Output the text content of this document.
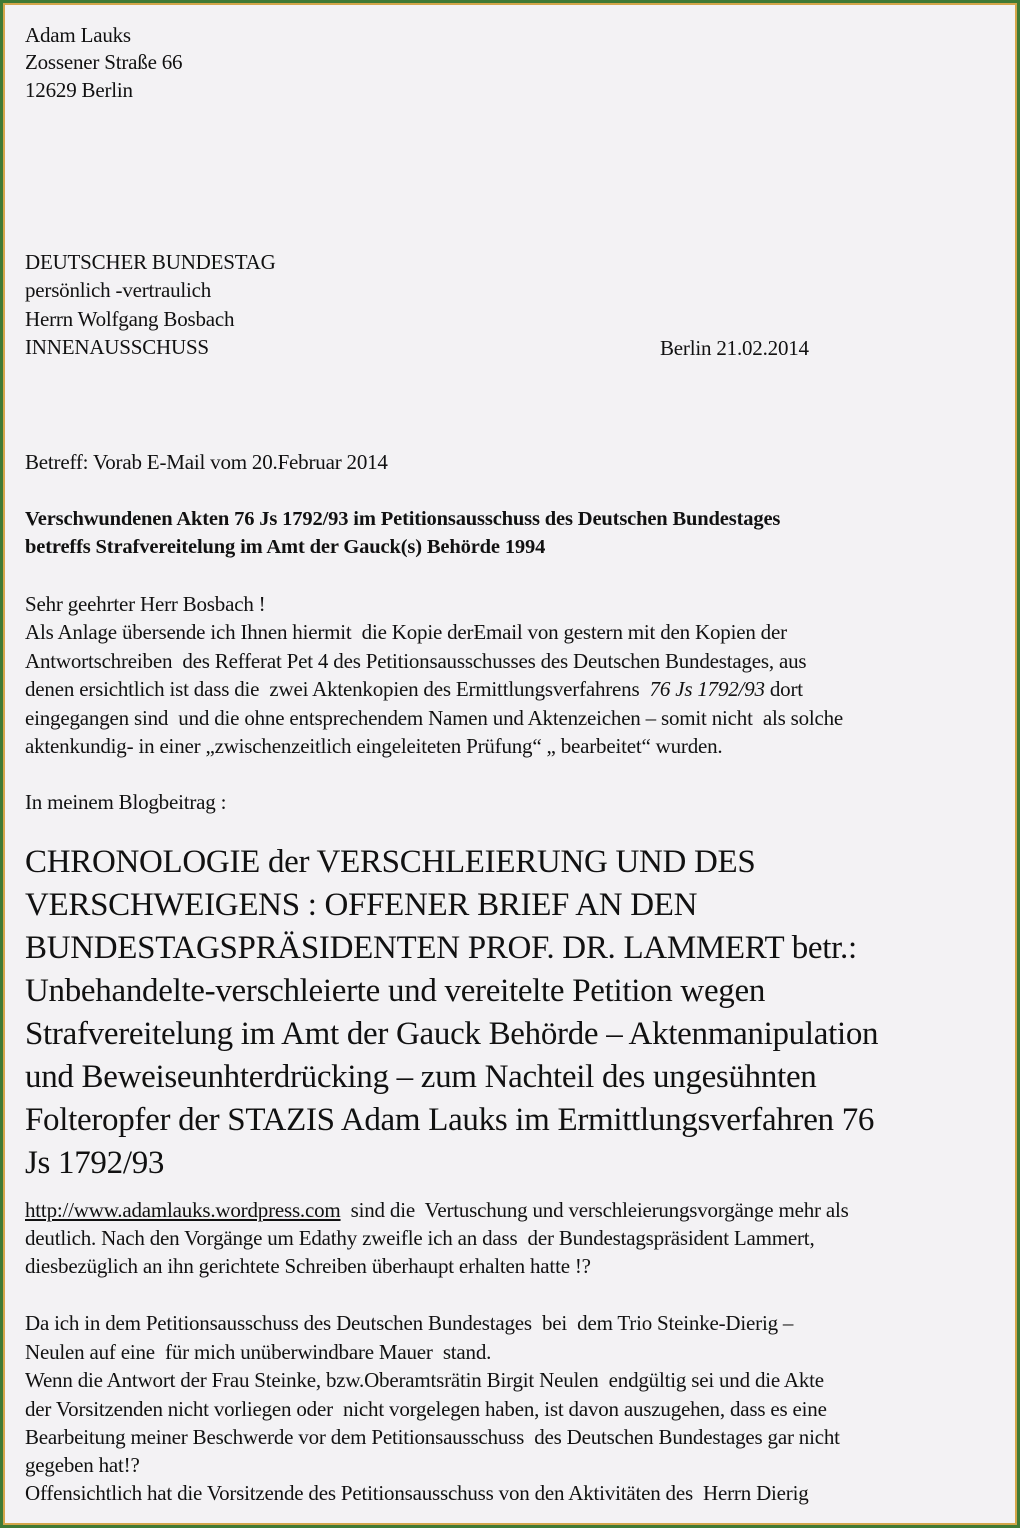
Adam Lauks
Zossener Straße 66
12629 Berlin
DEUTSCHER BUNDESTAG
persönlich -vertraulich
Herrn Wolfgang Bosbach
INNENAUSSCHUSS	Berlin 21.02.2014
Betreff: Vorab E-Mail vom 20.Februar 2014
Verschwundenen Akten 76 Js 1792/93 im Petitionsausschuss des Deutschen Bundestages
betreffs Strafvereitelung im Amt der Gauck(s) Behörde 1994
Sehr geehrter Herr Bosbach !
Als Anlage übersende ich Ihnen hiermit  die Kopie derEmail von gestern mit den Kopien der
Antwortschreiben  des Refferat Pet 4 des Petitionsausschusses des Deutschen Bundestages, aus
denen ersichtlich ist dass die  zwei Aktenkopien des Ermittlungsverfahrens  76 Js 1792/93 dort
eingegangen sind  und die ohne entsprechendem Namen und Aktenzeichen – somit nicht  als solche
aktenkundig- in einer „zwischenzeitlich eingeleiteten Prüfung“ „ bearbeitet“ wurden.
In meinem Blogbeitrag :
CHRONOLOGIE der VERSCHLEIERUNG UND DES
VERSCHWEIGENS : OFFENER BRIEF AN DEN
BUNDESTAGSPRÄSIDENTEN PROF. DR. LAMMERT betr.:
Unbehandelte-verschleierte und vereitelte Petition wegen
Strafvereitelung im Amt der Gauck Behörde – Aktenmanipulation
und Beweiseunhterdrücking – zum Nachteil des ungesühnten
Folteropfer der STAZIS Adam Lauks im Ermittlungsverfahren 76
Js 1792/93
http://www.adamlauks.wordpress.com  sind die  Vertuschung und verschleierungsvorgänge mehr als
deutlich. Nach den Vorgänge um Edathy zweifle ich an dass  der Bundestagspräsident Lammert,
diesbezüglich an ihn gerichtete Schreiben überhaupt erhalten hatte !?
Da ich in dem Petitionsausschuss des Deutschen Bundestages  bei  dem Trio Steinke-Dierig –
Neulen auf eine  für mich unüberwindbare Mauer  stand.
Wenn die Antwort der Frau Steinke, bzw.Oberamtsrätin Birgit Neulen  endgültig sei und die Akte
der Vorsitzenden nicht vorliegen oder  nicht vorgelegen haben, ist davon auszugehen, dass es eine
Bearbeitung meiner Beschwerde vor dem Petitionsausschuss  des Deutschen Bundestages gar nicht
gegeben hat!?
Offensichtlich hat die Vorsitzende des Petitionsausschuss von den Aktivitäten des  Herrn Dierig
